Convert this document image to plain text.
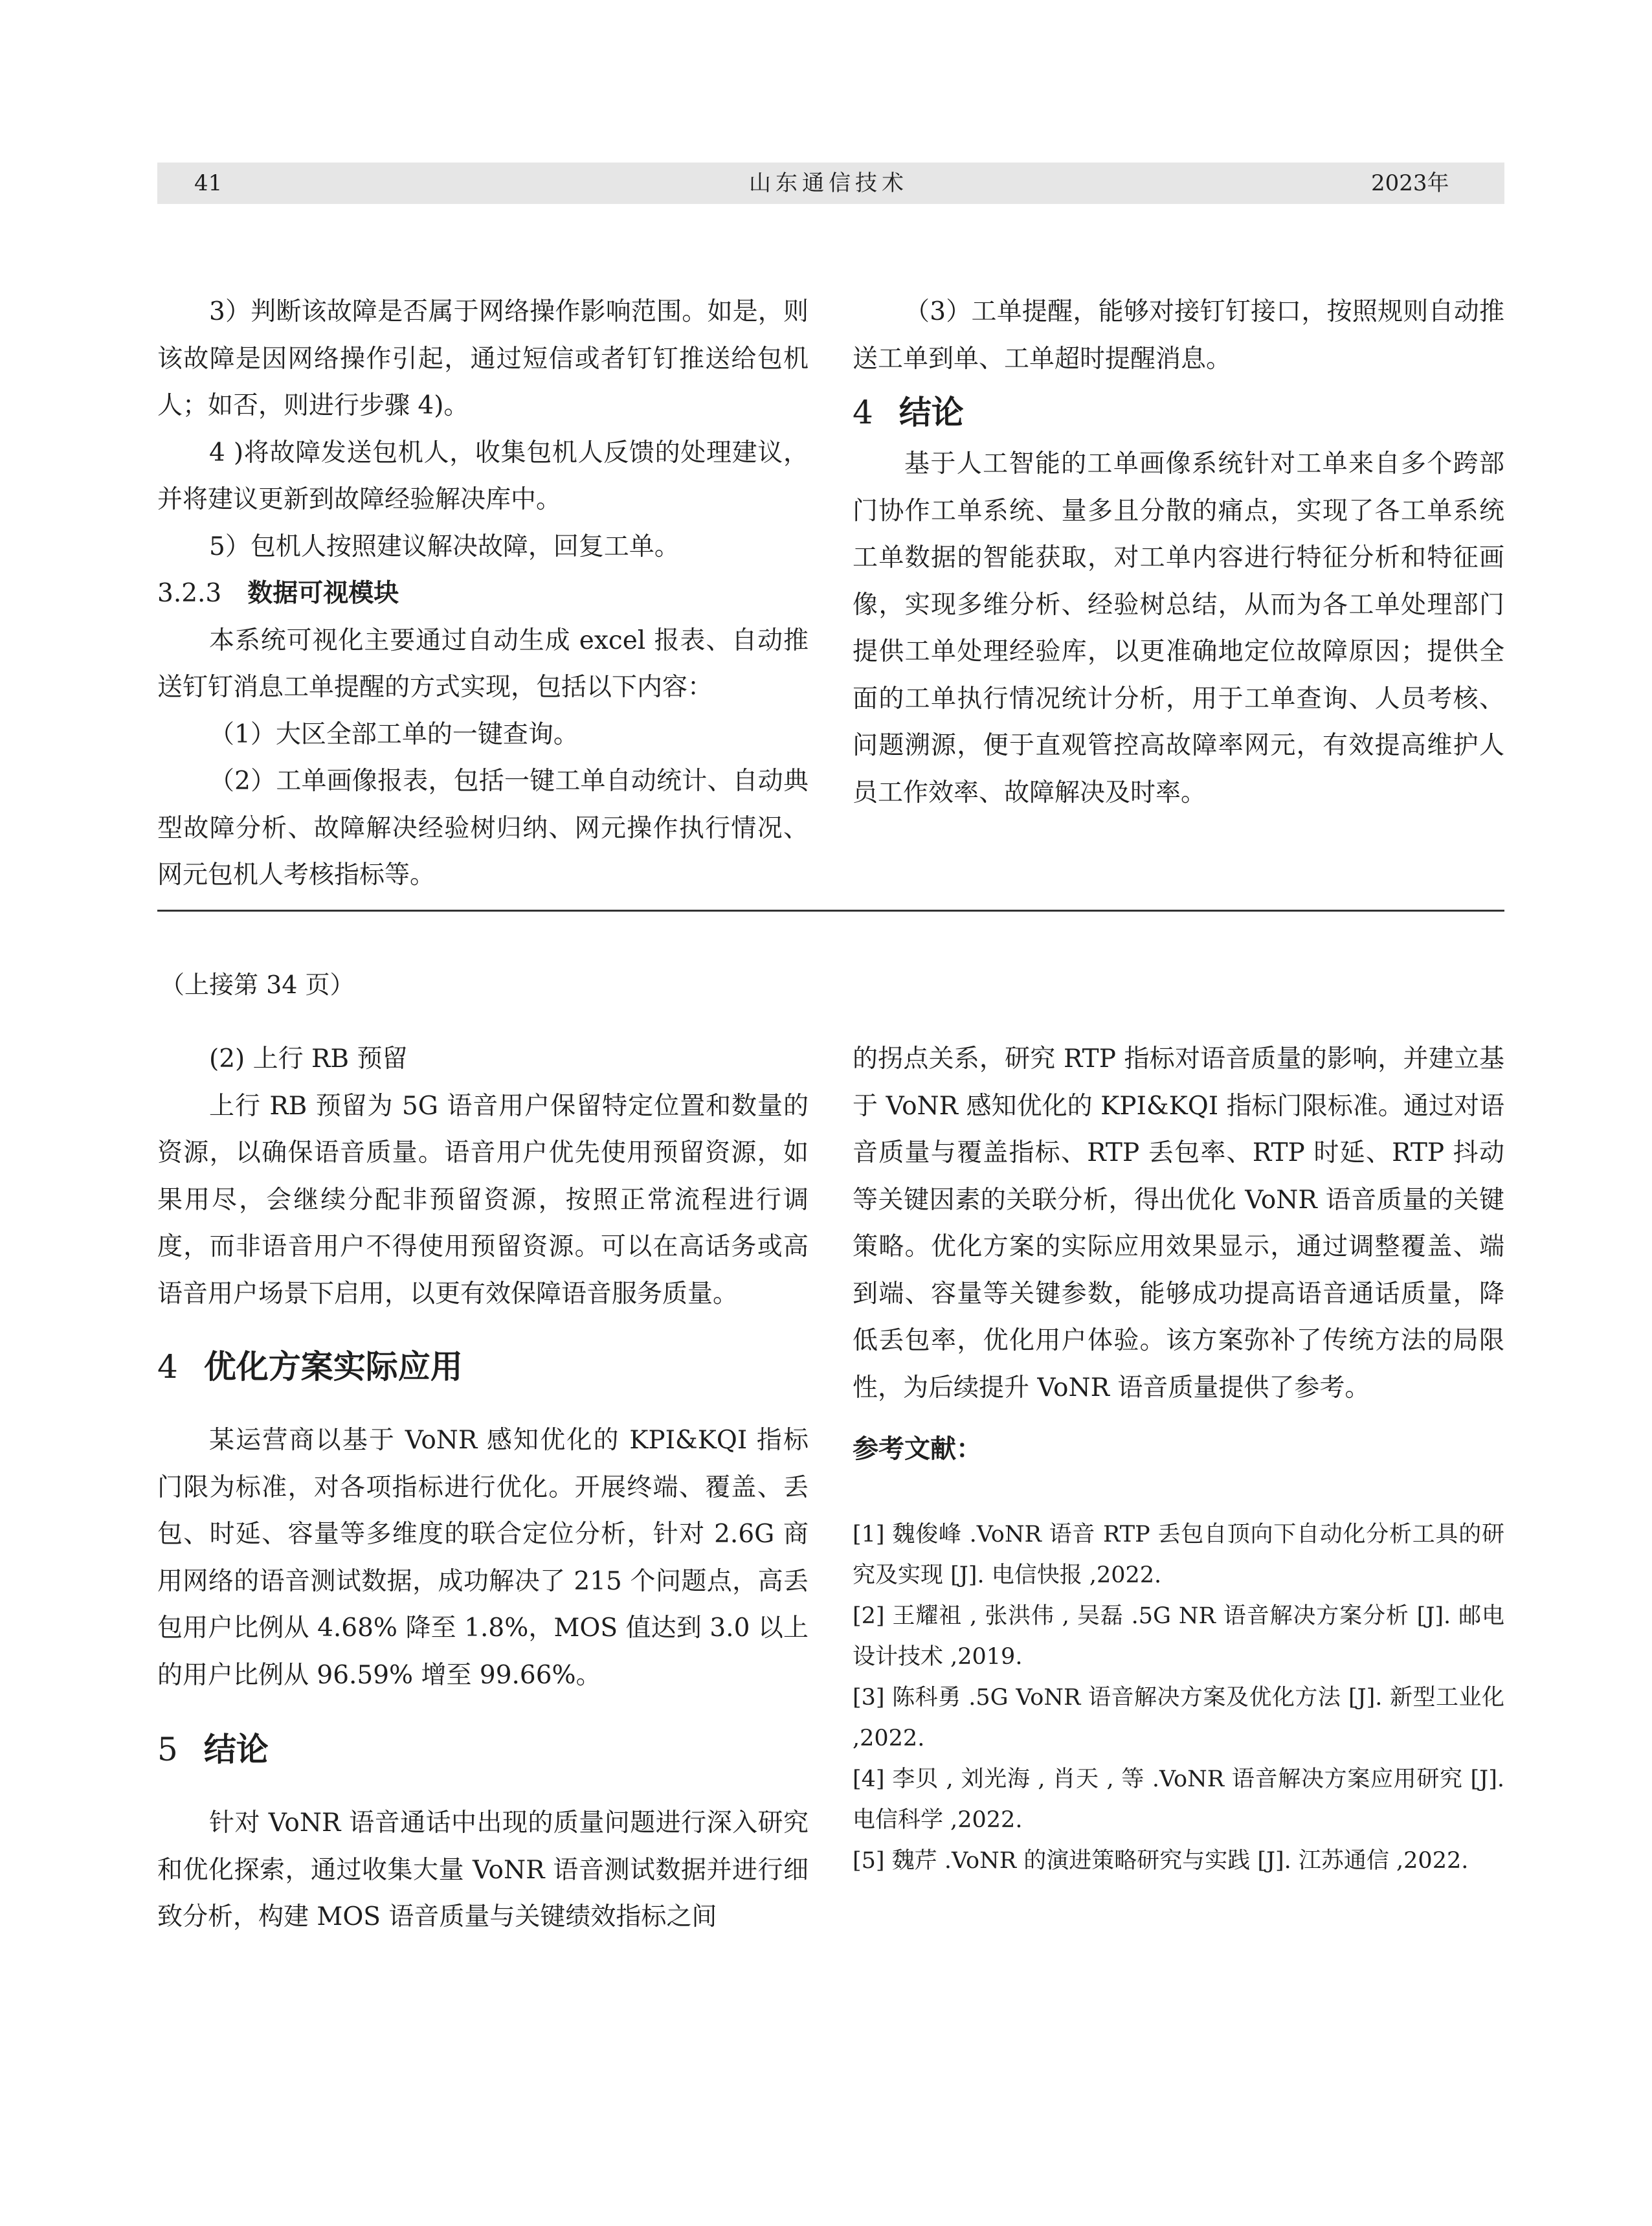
41	山东通信技术	2023年

3）判断该故障是否属于网络操作影响范围。如是，则该故障是因网络操作引起，通过短信或者钉钉推送给包机人；如否，则进行步骤 4)。

4 )将故障发送包机人，收集包机人反馈的处理建议，并将建议更新到故障经验解决库中。

5）包机人按照建议解决故障，回复工单。

3.2.3 数据可视模块

本系统可视化主要通过自动生成 excel 报表、自动推送钉钉消息工单提醒的方式实现，包括以下内容：

（1）大区全部工单的一键查询。

（2）工单画像报表，包括一键工单自动统计、自动典型故障分析、故障解决经验树归纳、网元操作执行情况、网元包机人考核指标等。

（3）工单提醒，能够对接钉钉接口，按照规则自动推送工单到单、工单超时提醒消息。

4 结论

基于人工智能的工单画像系统针对工单来自多个跨部门协作工单系统、量多且分散的痛点，实现了各工单系统工单数据的智能获取，对工单内容进行特征分析和特征画像，实现多维分析、经验树总结，从而为各工单处理部门提供工单处理经验库，以更准确地定位故障原因；提供全面的工单执行情况统计分析，用于工单查询、人员考核、问题溯源，便于直观管控高故障率网元，有效提高维护人员工作效率、故障解决及时率。

（上接第 34 页）

(2) 上行 RB 预留

上行 RB 预留为 5G 语音用户保留特定位置和数量的资源，以确保语音质量。语音用户优先使用预留资源，如果用尽，会继续分配非预留资源，按照正常流程进行调度，而非语音用户不得使用预留资源。可以在高话务或高语音用户场景下启用，以更有效保障语音服务质量。

4 优化方案实际应用

某运营商以基于 VoNR 感知优化的 KPI&KQI 指标门限为标准，对各项指标进行优化。开展终端、覆盖、丢包、时延、容量等多维度的联合定位分析，针对 2.6G 商用网络的语音测试数据，成功解决了 215 个问题点，高丢包用户比例从 4.68% 降至 1.8%，MOS 值达到 3.0 以上的用户比例从 96.59% 增至 99.66%。

5 结论

针对 VoNR 语音通话中出现的质量问题进行深入研究和优化探索，通过收集大量 VoNR 语音测试数据并进行细致分析，构建 MOS 语音质量与关键绩效指标之间

的拐点关系，研究 RTP 指标对语音质量的影响，并建立基于 VoNR 感知优化的 KPI&KQI 指标门限标准。通过对语音质量与覆盖指标、RTP 丢包率、RTP 时延、RTP 抖动等关键因素的关联分析，得出优化 VoNR 语音质量的关键策略。优化方案的实际应用效果显示，通过调整覆盖、端到端、容量等关键参数，能够成功提高语音通话质量，降低丢包率，优化用户体验。该方案弥补了传统方法的局限性，为后续提升 VoNR 语音质量提供了参考。

参考文献：

[1] 魏俊峰 .VoNR 语音 RTP 丢包自顶向下自动化分析工具的研究及实现 [J]. 电信快报 ,2022.

[2] 王耀祖 , 张洪伟 , 吴磊 .5G NR 语音解决方案分析 [J]. 邮电设计技术 ,2019.

[3] 陈科勇 .5G VoNR 语音解决方案及优化方法 [J]. 新型工业化 ,2022.

[4] 李贝 , 刘光海 , 肖天 , 等 .VoNR 语音解决方案应用研究 [J]. 电信科学 ,2022.

[5] 魏芹 .VoNR 的演进策略研究与实践 [J]. 江苏通信 ,2022.
